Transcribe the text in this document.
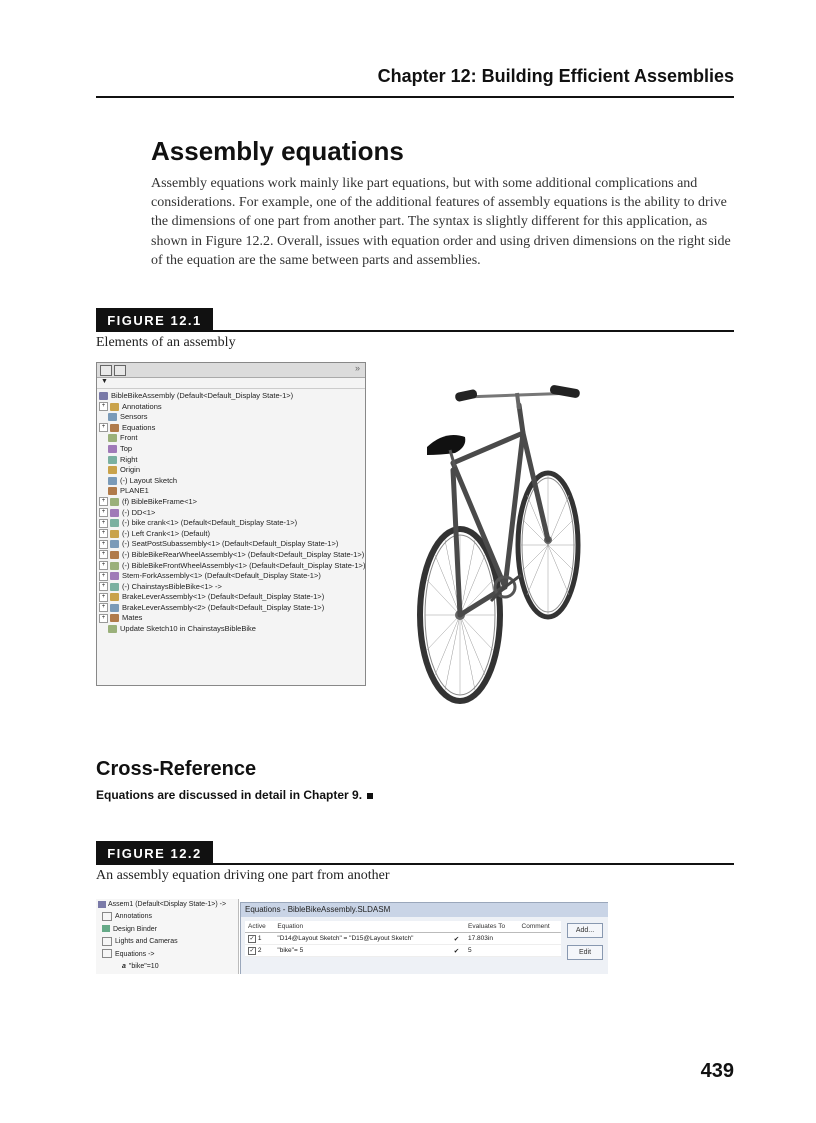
Chapter 12: Building Efficient Assemblies
Assembly equations

Assembly equations work mainly like part equations, but with some additional complications and considerations. For example, one of the additional features of assembly equations is the ability to drive the dimensions of one part from another part. The syntax is slightly different for this application, as shown in Figure 12.2. Overall, issues with equation order and using driven dimensions on the right side of the equation are the same between parts and assemblies.

FIGURE 12.1
Elements of an assembly
»
▼
BibleBikeAssembly (Default<Default_Display State-1>)
+ Annotations
Sensors
+ Equations
Front
Top
Right
Origin
(-) Layout Sketch
PLANE1
+ (f) BibleBikeFrame<1>
+ (-) DD<1>
+ (-) bike crank<1> (Default<Default_Display State-1>)
+ (-) Left Crank<1> (Default)
+ (-) SeatPostSubassembly<1> (Default<Default_Display State-1>)
+ (-) BibleBikeRearWheelAssembly<1> (Default<Default_Display State-1>)
+ (-) BibleBikeFrontWheelAssembly<1> (Default<Default_Display State-1>)
+ Stem-ForkAssembly<1> (Default<Default_Display State-1>)
+ (-) ChainstaysBibleBike<1> ->
+ BrakeLeverAssembly<1> (Default<Default_Display State-1>)
+ BrakeLeverAssembly<2> (Default<Default_Display State-1>)
+ Mates
Update Sketch10 in ChainstaysBibleBike
Cross-Reference
Equations are discussed in detail in Chapter 9.
FIGURE 12.2
An assembly equation driving one part from another
Assem1 (Default<Display State-1>) ->
Annotations
Design Binder
Lights and Cameras
Equations ->
a "bike"=10
Equations - BibleBikeAssembly.SLDASM
Active	Equation		Evaluates To	Comment
✓ 1	"D14@Layout Sketch" = "D15@Layout Sketch"	✔	17.803in	
✓ 2	"bike"= 5	✔	5	
Add...
Edit
439
